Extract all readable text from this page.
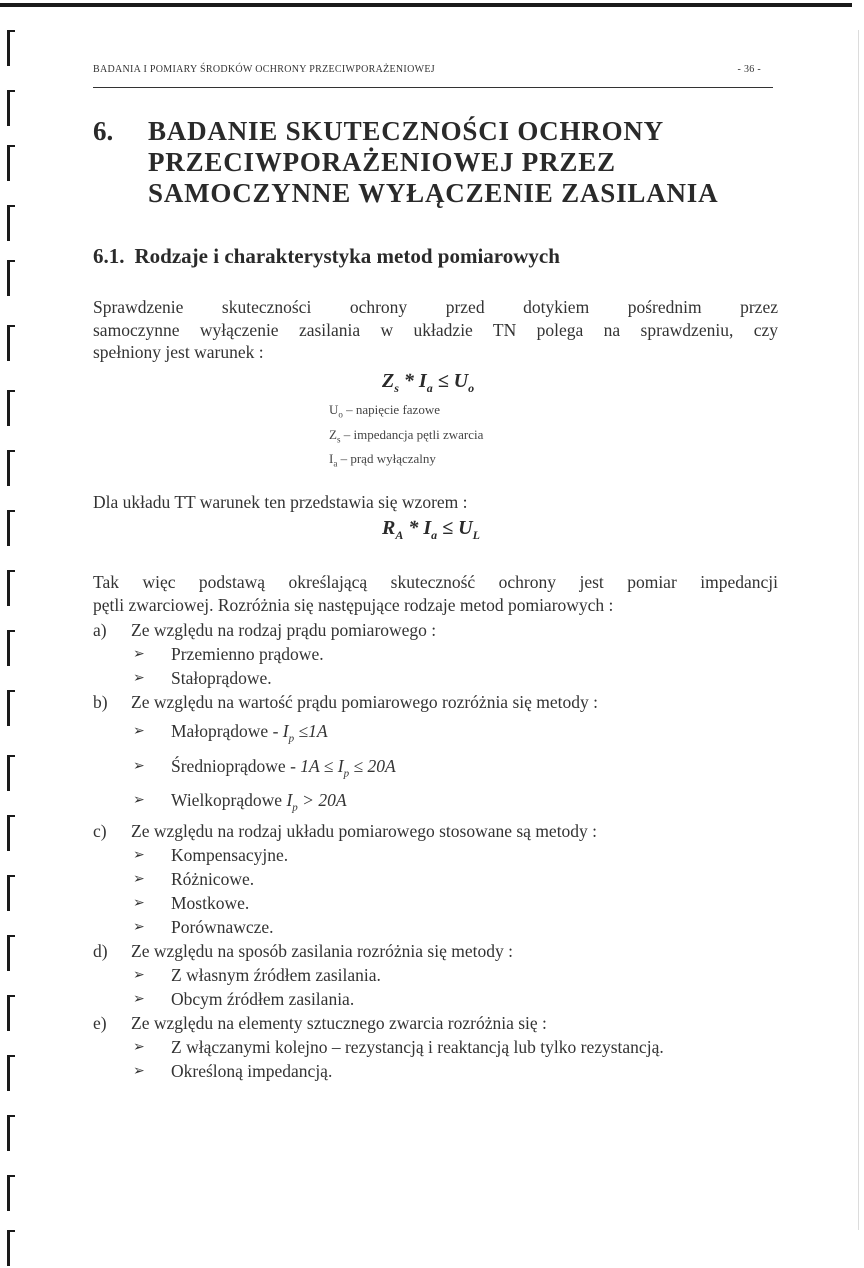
BADANIA I POMIARY ŚRODKÓW OCHRONY PRZECIWPORAŻENIOWEJ	- 36 -
6. BADANIE SKUTECZNOŚCI OCHRONY
PRZECIWPORAŻENIOWEJ PRZEZ
SAMOCZYNNE WYŁĄCZENIE ZASILANIA
6.1. Rodzaje i charakterystyka metod pomiarowych
Sprawdzenie skuteczności ochrony przed dotykiem pośrednim przez
samoczynne wyłączenie zasilania w układzie TN polega na sprawdzeniu, czy
spełniony jest warunek :
$Z_s * I_a \le U_o$
$U_o$ – napięcie fazowe
$Z_s$ – impedancja pętli zwarcia
$I_a$ – prąd wyłączalny
Dla układu TT warunek ten przedstawia się wzorem :
$R_A * I_a \le U_L$
Tak więc podstawą określającą skuteczność ochrony jest pomiar impedancji
pętli zwarciowej. Rozróżnia się następujące rodzaje metod pomiarowych :
a) Ze względu na rodzaj prądu pomiarowego :
➢ Przemienno prądowe.
➢ Stałoprądowe.
b) Ze względu na wartość prądu pomiarowego rozróżnia się metody :
➢ Małoprądowe - $I_p \le 1A$
➢ Średnioprądowe - $1A \le I_p \le 20A$
➢ Wielkoprądowe $I_p > 20A$
c) Ze względu na rodzaj układu pomiarowego stosowane są metody :
➢ Kompensacyjne.
➢ Różnicowe.
➢ Mostkowe.
➢ Porównawcze.
d) Ze względu na sposób zasilania rozróżnia się metody :
➢ Z własnym źródłem zasilania.
➢ Obcym źródłem zasilania.
e) Ze względu na elementy sztucznego zwarcia rozróżnia się :
➢ Z włączanymi kolejno – rezystancją i reaktancją lub tylko rezystancją.
➢ Określoną impedancją.
